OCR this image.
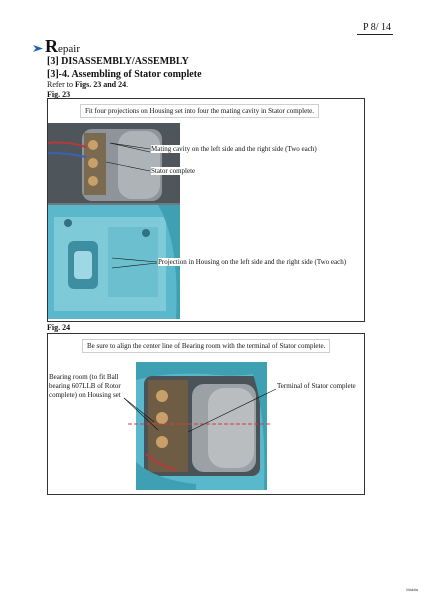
P 8/ 14
Repair
[3] DISASSEMBLY/ASSEMBLY
[3]-4. Assembling of Stator complete
Refer to Figs. 23 and 24.
Fig. 23
Fit four projections on Housing set into four the mating cavity in Stator complete.
Mating cavity on the left side and the right side (Two each)
Stator complete
Projection in Housing on the left side and the right side (Two each)
Fig. 24
Be sure to align the center line of Bearing room with the terminal of Stator complete.
Bearing room (to fit Ball
bearing 607LLB of Rotor
complete) on Housing set
Terminal of Stator complete
Makita
